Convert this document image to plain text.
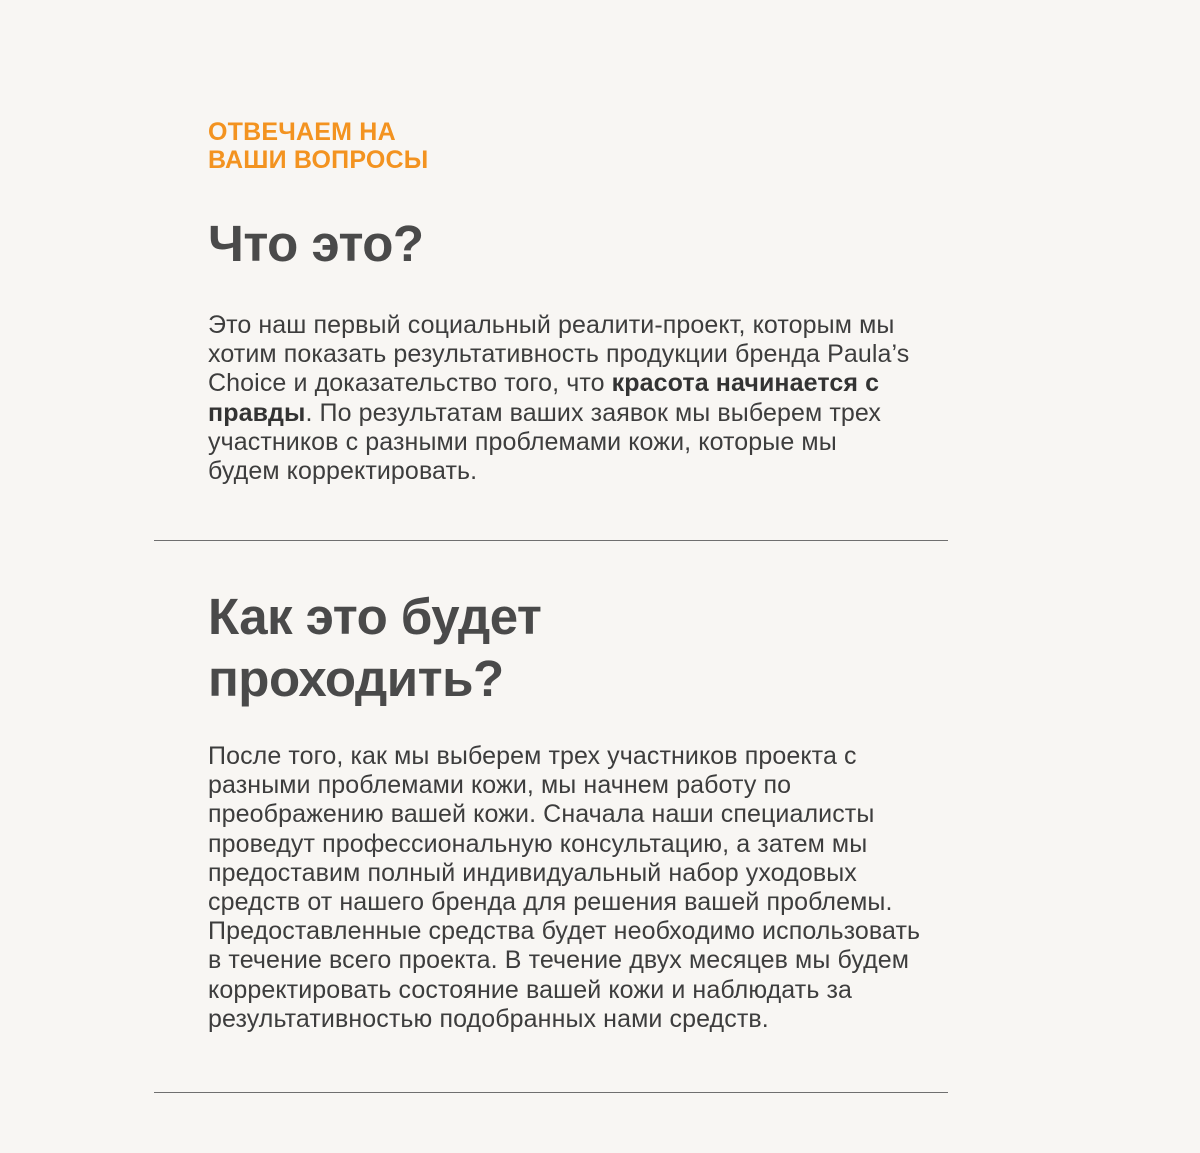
ОТВЕЧАЕМ НА
ВАШИ ВОПРОСЫ
Что это?

Это наш первый социальный реалити-проект, которым мы
хотим показать результативность продукции бренда Paula’s
Choice и доказательство того, что красота начинается с
правды. По результатам ваших заявок мы выберем трех
участников с разными проблемами кожи, которые мы
будем корректировать.

Как это будет
проходить?

После того, как мы выберем трех участников проекта с
разными проблемами кожи, мы начнем работу по
преображению вашей кожи. Сначала наши специалисты
проведут профессиональную консультацию, а затем мы
предоставим полный индивидуальный набор уходовых
средств от нашего бренда для решения вашей проблемы.
Предоставленные средства будет необходимо использовать
в течение всего проекта. В течение двух месяцев мы будем
корректировать состояние вашей кожи и наблюдать за
результативностью подобранных нами средств.
